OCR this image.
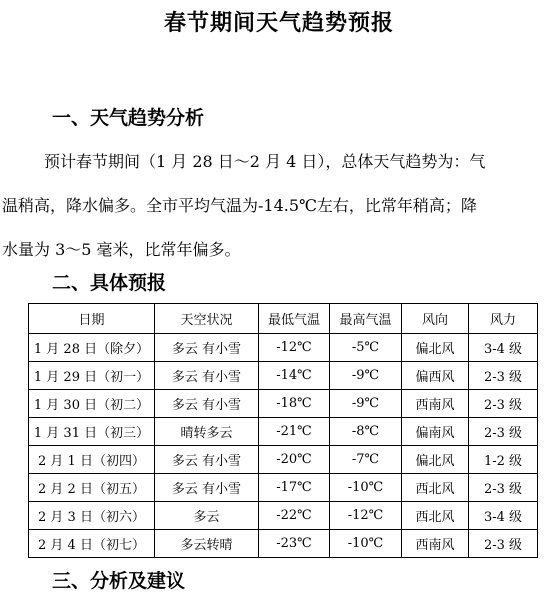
春节期间天气趋势预报
一、天气趋势分析
预计春节期间（1 月 28 日～2 月 4 日），总体天气趋势为：气
温稍高，降水偏多。全市平均气温为-14.5℃左右，比常年稍高；降
水量为 3～5 毫米，比常年偏多。
二、具体预报
日期	天空状况	最低气温	最高气温	风向	风力
1 月 28 日（除夕）	多云 有小雪	-12℃	-5℃	偏北风	3-4 级
1 月 29 日（初一）	多云 有小雪	-14℃	-9℃	偏西风	2-3 级
1 月 30 日（初二）	多云 有小雪	-18℃	-9℃	西南风	2-3 级
1 月 31 日（初三）	晴转多云	-21℃	-8℃	偏南风	2-3 级
2 月 1 日（初四）	多云 有小雪	-20℃	-7℃	偏北风	1-2 级
2 月 2 日（初五）	多云 有小雪	-17℃	-10℃	西北风	2-3 级
2 月 3 日（初六）	多云	-22℃	-12℃	西北风	3-4 级
2 月 4 日（初七）	多云转晴	-23℃	-10℃	西南风	2-3 级
三、分析及建议
